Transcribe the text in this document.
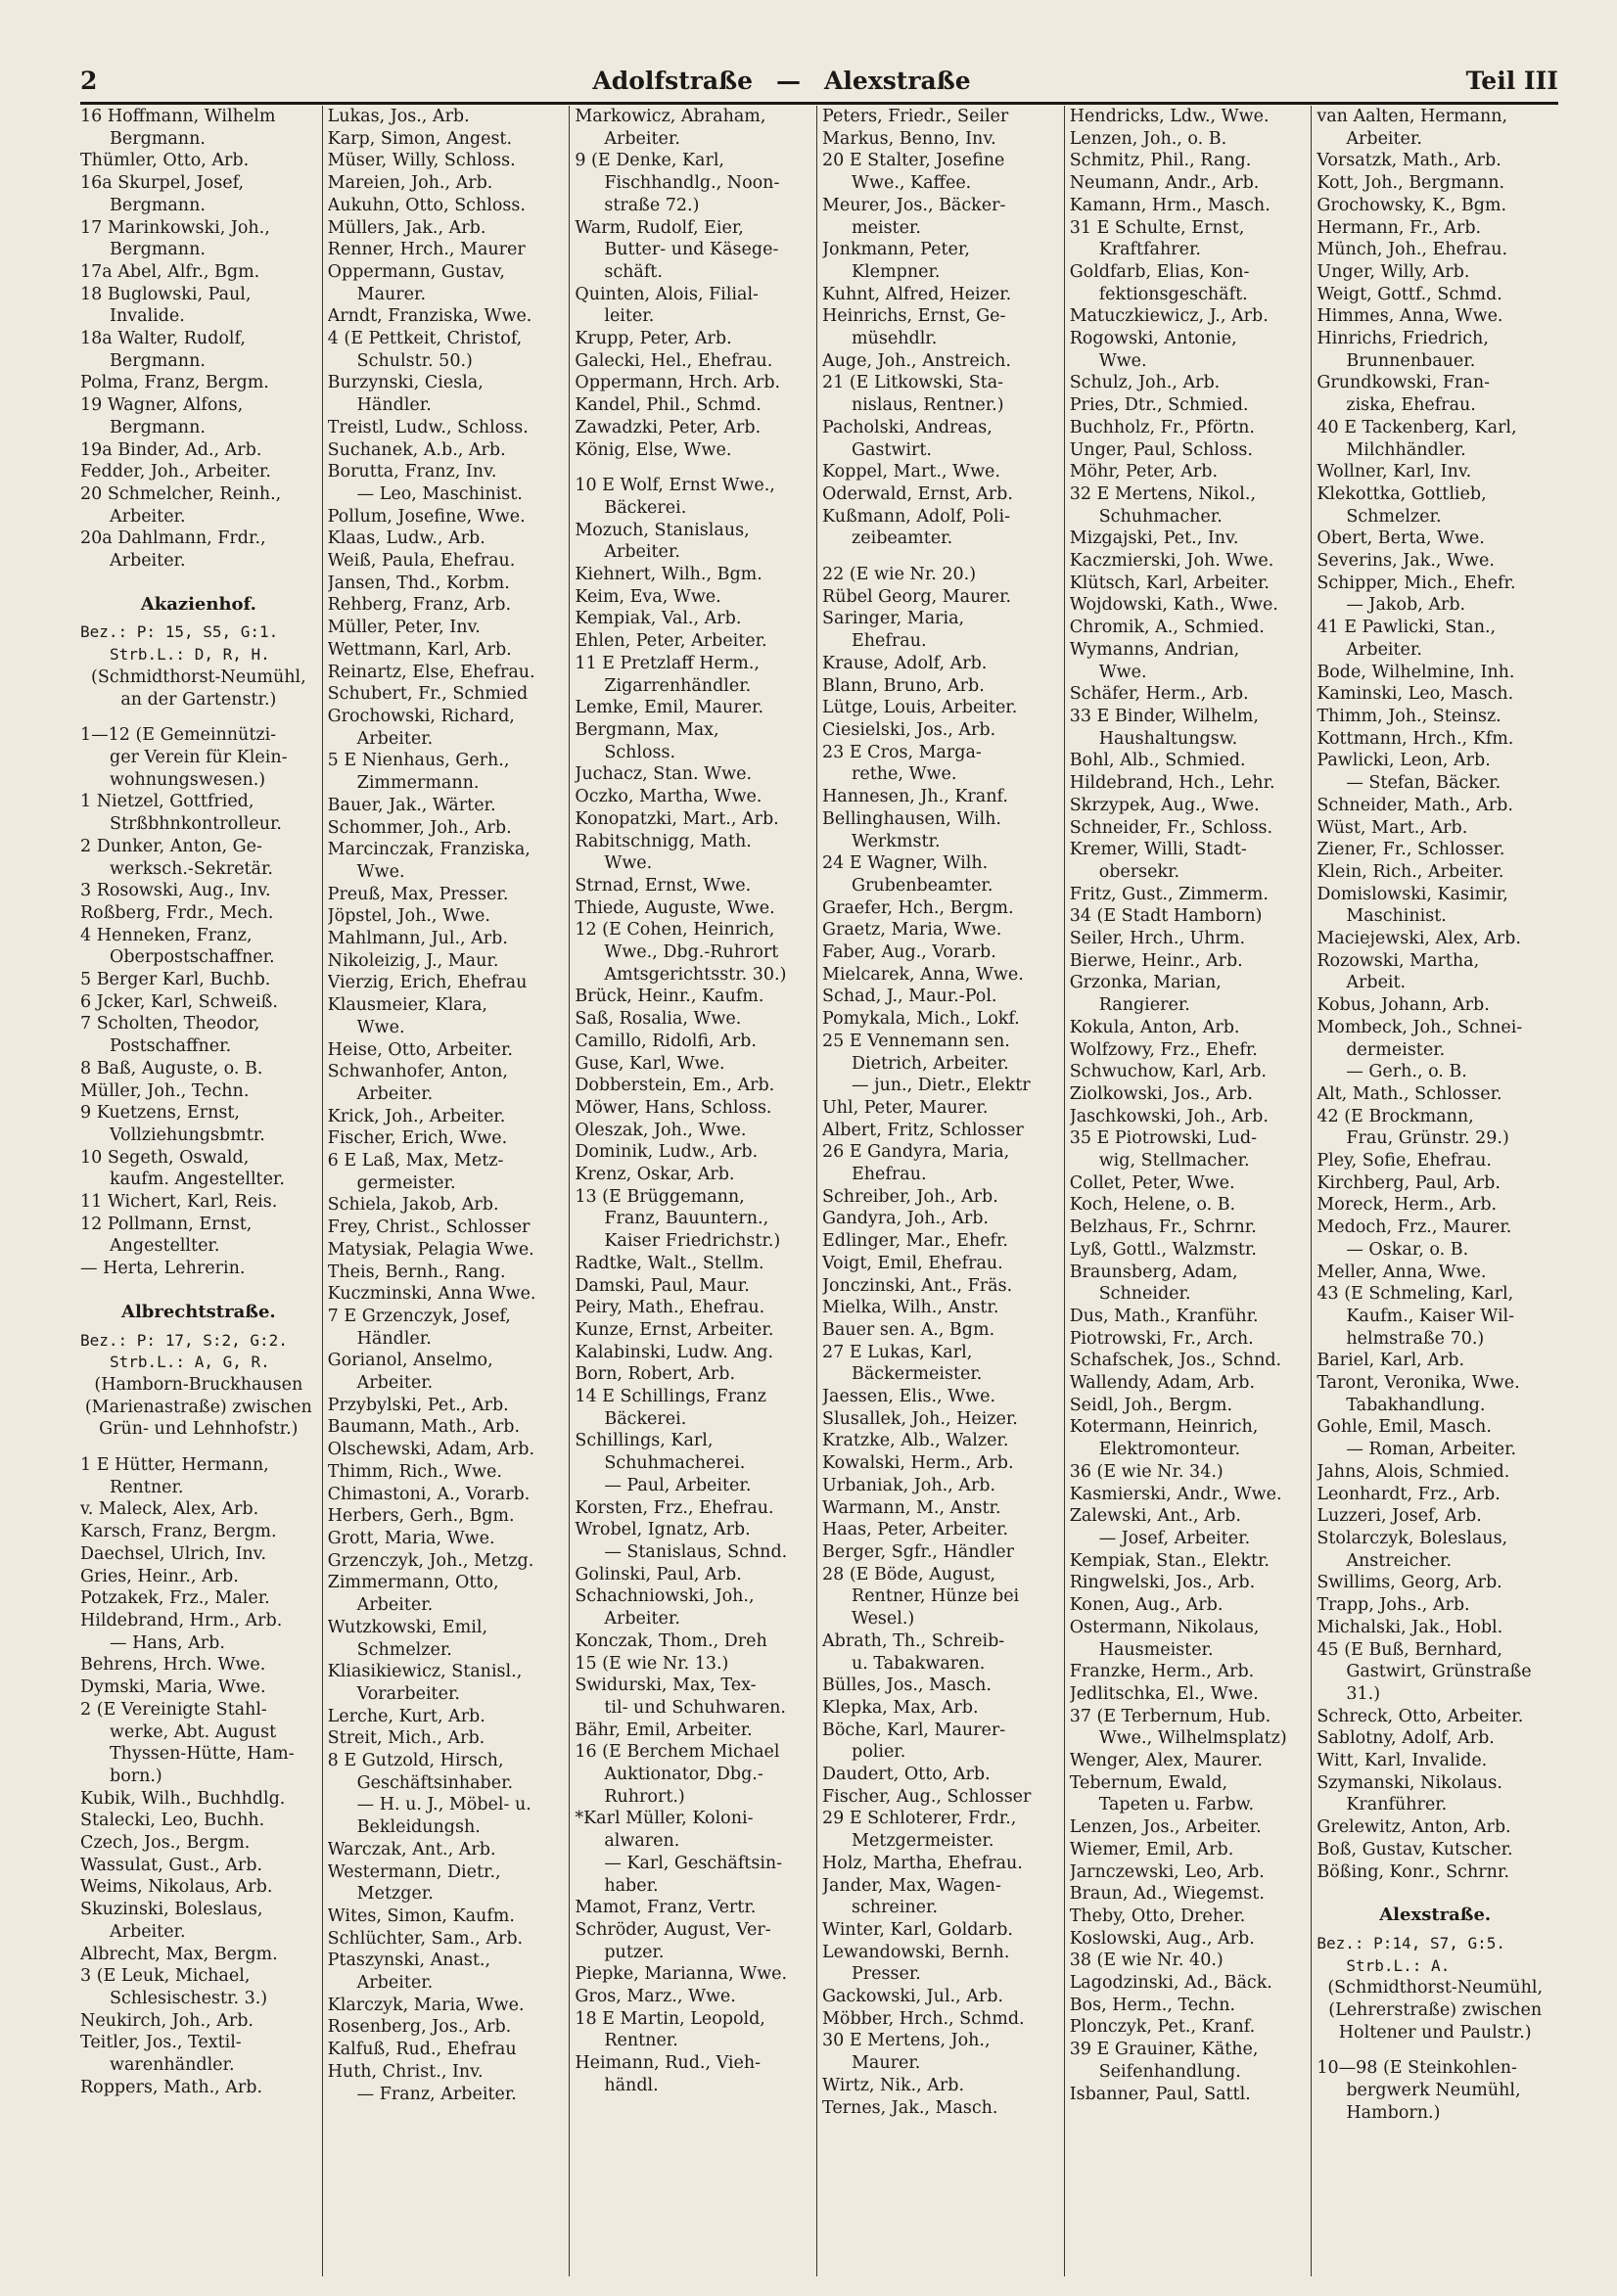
2	Adolfstraße — Alexstraße	Teil III
16 Hoffmann, Wilhelm
Bergmann.
Thümler, Otto, Arb.
16a Skurpel, Josef,
Bergmann.
17 Marinkowski, Joh.,
Bergmann.
17a Abel, Alfr., Bgm.
18 Buglowski, Paul,
Invalide.
18a Walter, Rudolf,
Bergmann.
Polma, Franz, Bergm.
19 Wagner, Alfons,
Bergmann.
19a Binder, Ad., Arb.
Fedder, Joh., Arbeiter.
20 Schmelcher, Reinh.,
Arbeiter.
20a Dahlmann, Frdr.,
Arbeiter.
Akazienhof.
Bez.: P: 15, S5, G:1.
Strb.L.: D, R, H.
(Schmidthorst-Neumühl,
an der Gartenstr.)
1—12 (E Gemeinnützi-
ger Verein für Klein-
wohnungswesen.)
1 Nietzel, Gottfried,
Strßbhnkontrolleur.
2 Dunker, Anton, Ge-
werksch.-Sekretär.
3 Rosowski, Aug., Inv.
Roßberg, Frdr., Mech.
4 Henneken, Franz,
Oberpostschaffner.
5 Berger Karl, Buchb.
6 Jcker, Karl, Schweiß.
7 Scholten, Theodor,
Postschaffner.
8 Baß, Auguste, o. B.
Müller, Joh., Techn.
9 Kuetzens, Ernst,
Vollziehungsbmtr.
10 Segeth, Oswald,
kaufm. Angestellter.
11 Wichert, Karl, Reis.
12 Pollmann, Ernst,
Angestellter.
— Herta, Lehrerin.
Albrechtstraße.
Bez.: P: 17, S:2, G:2.
Strb.L.: A, G, R.
(Hamborn-Bruckhausen
(Marienastraße) zwischen
Grün- und Lehnhofstr.)
1 E Hütter, Hermann,
Rentner.
v. Maleck, Alex, Arb.
Karsch, Franz, Bergm.
Daechsel, Ulrich, Inv.
Gries, Heinr., Arb.
Potzakek, Frz., Maler.
Hildebrand, Hrm., Arb.
— Hans, Arb.
Behrens, Hrch. Wwe.
Dymski, Maria, Wwe.
2 (E Vereinigte Stahl-
werke, Abt. August
Thyssen-Hütte, Ham-
born.)
Kubik, Wilh., Buchhdlg.
Stalecki, Leo, Buchh.
Czech, Jos., Bergm.
Wassulat, Gust., Arb.
Weims, Nikolaus, Arb.
Skuzinski, Boleslaus,
Arbeiter.
Albrecht, Max, Bergm.
3 (E Leuk, Michael,
Schlesischestr. 3.)
Neukirch, Joh., Arb.
Teitler, Jos., Textil-
warenhändler.
Roppers, Math., Arb.
Lukas, Jos., Arb.
Karp, Simon, Angest.
Müser, Willy, Schloss.
Mareien, Joh., Arb.
Aukuhn, Otto, Schloss.
Müllers, Jak., Arb.
Renner, Hrch., Maurer
Oppermann, Gustav,
Maurer.
Arndt, Franziska, Wwe.
4 (E Pettkeit, Christof,
Schulstr. 50.)
Burzynski, Ciesla,
Händler.
Treistl, Ludw., Schloss.
Suchanek, A.b., Arb.
Borutta, Franz, Inv.
— Leo, Maschinist.
Pollum, Josefine, Wwe.
Klaas, Ludw., Arb.
Weiß, Paula, Ehefrau.
Jansen, Thd., Korbm.
Rehberg, Franz, Arb.
Müller, Peter, Inv.
Wettmann, Karl, Arb.
Reinartz, Else, Ehefrau.
Schubert, Fr., Schmied
Grochowski, Richard,
Arbeiter.
5 E Nienhaus, Gerh.,
Zimmermann.
Bauer, Jak., Wärter.
Schommer, Joh., Arb.
Marcinczak, Franziska,
Wwe.
Preuß, Max, Presser.
Jöpstel, Joh., Wwe.
Mahlmann, Jul., Arb.
Nikoleizig, J., Maur.
Vierzig, Erich, Ehefrau
Klausmeier, Klara,
Wwe.
Heise, Otto, Arbeiter.
Schwanhofer, Anton,
Arbeiter.
Krick, Joh., Arbeiter.
Fischer, Erich, Wwe.
6 E Laß, Max, Metz-
germeister.
Schiela, Jakob, Arb.
Frey, Christ., Schlosser
Matysiak, Pelagia Wwe.
Theis, Bernh., Rang.
Kuczminski, Anna Wwe.
7 E Grzenczyk, Josef,
Händler.
Gorianol, Anselmo,
Arbeiter.
Przybylski, Pet., Arb.
Baumann, Math., Arb.
Olschewski, Adam, Arb.
Thimm, Rich., Wwe.
Chimastoni, A., Vorarb.
Herbers, Gerh., Bgm.
Grott, Maria, Wwe.
Grzenczyk, Joh., Metzg.
Zimmermann, Otto,
Arbeiter.
Wutzkowski, Emil,
Schmelzer.
Kliasikiewicz, Stanisl.,
Vorarbeiter.
Lerche, Kurt, Arb.
Streit, Mich., Arb.
8 E Gutzold, Hirsch,
Geschäftsinhaber.
— H. u. J., Möbel- u.
Bekleidungsh.
Warczak, Ant., Arb.
Westermann, Dietr.,
Metzger.
Wites, Simon, Kaufm.
Schlüchter, Sam., Arb.
Ptaszynski, Anast.,
Arbeiter.
Klarczyk, Maria, Wwe.
Rosenberg, Jos., Arb.
Kalfuß, Rud., Ehefrau
Huth, Christ., Inv.
— Franz, Arbeiter.
Markowicz, Abraham,
Arbeiter.
9 (E Denke, Karl,
Fischhandlg., Noon-
straße 72.)
Warm, Rudolf, Eier,
Butter- und Käsege-
schäft.
Quinten, Alois, Filial-
leiter.
Krupp, Peter, Arb.
Galecki, Hel., Ehefrau.
Oppermann, Hrch. Arb.
Kandel, Phil., Schmd.
Zawadzki, Peter, Arb.
König, Else, Wwe.
10 E Wolf, Ernst Wwe.,
Bäckerei.
Mozuch, Stanislaus,
Arbeiter.
Kiehnert, Wilh., Bgm.
Keim, Eva, Wwe.
Kempiak, Val., Arb.
Ehlen, Peter, Arbeiter.
11 E Pretzlaff Herm.,
Zigarrenhändler.
Lemke, Emil, Maurer.
Bergmann, Max,
Schloss.
Juchacz, Stan. Wwe.
Oczko, Martha, Wwe.
Konopatzki, Mart., Arb.
Rabitschnigg, Math.
Wwe.
Strnad, Ernst, Wwe.
Thiede, Auguste, Wwe.
12 (E Cohen, Heinrich,
Wwe., Dbg.-Ruhrort
Amtsgerichtsstr. 30.)
Brück, Heinr., Kaufm.
Saß, Rosalia, Wwe.
Camillo, Ridolfi, Arb.
Guse, Karl, Wwe.
Dobberstein, Em., Arb.
Möwer, Hans, Schloss.
Oleszak, Joh., Wwe.
Dominik, Ludw., Arb.
Krenz, Oskar, Arb.
13 (E Brüggemann,
Franz, Bauuntern.,
Kaiser Friedrichstr.)
Radtke, Walt., Stellm.
Damski, Paul, Maur.
Peiry, Math., Ehefrau.
Kunze, Ernst, Arbeiter.
Kalabinski, Ludw. Ang.
Born, Robert, Arb.
14 E Schillings, Franz
Bäckerei.
Schillings, Karl,
Schuhmacherei.
— Paul, Arbeiter.
Korsten, Frz., Ehefrau.
Wrobel, Ignatz, Arb.
— Stanislaus, Schnd.
Golinski, Paul, Arb.
Schachniowski, Joh.,
Arbeiter.
Konczak, Thom., Dreh
15 (E wie Nr. 13.)
Swidurski, Max, Tex-
til- und Schuhwaren.
Bähr, Emil, Arbeiter.
16 (E Berchem Michael
Auktionator, Dbg.-
Ruhrort.)
*Karl Müller, Koloni-
alwaren.
— Karl, Geschäftsin-
haber.
Mamot, Franz, Vertr.
Schröder, August, Ver-
putzer.
Piepke, Marianna, Wwe.
Gros, Marz., Wwe.
18 E Martin, Leopold,
Rentner.
Heimann, Rud., Vieh-
händl.
Peters, Friedr., Seiler
Markus, Benno, Inv.
20 E Stalter, Josefine
Wwe., Kaffee.
Meurer, Jos., Bäcker-
meister.
Jonkmann, Peter,
Klempner.
Kuhnt, Alfred, Heizer.
Heinrichs, Ernst, Ge-
müsehdlr.
Auge, Joh., Anstreich.
21 (E Litkowski, Sta-
nislaus, Rentner.)
Pacholski, Andreas,
Gastwirt.
Koppel, Mart., Wwe.
Oderwald, Ernst, Arb.
Kußmann, Adolf, Poli-
zeibeamter.
22 (E wie Nr. 20.)
Rübel Georg, Maurer.
Saringer, Maria,
Ehefrau.
Krause, Adolf, Arb.
Blann, Bruno, Arb.
Lütge, Louis, Arbeiter.
Ciesielski, Jos., Arb.
23 E Cros, Marga-
rethe, Wwe.
Hannesen, Jh., Kranf.
Bellinghausen, Wilh.
Werkmstr.
24 E Wagner, Wilh.
Grubenbeamter.
Graefer, Hch., Bergm.
Graetz, Maria, Wwe.
Faber, Aug., Vorarb.
Mielcarek, Anna, Wwe.
Schad, J., Maur.-Pol.
Pomykala, Mich., Lokf.
25 E Vennemann sen.
Dietrich, Arbeiter.
— jun., Dietr., Elektr
Uhl, Peter, Maurer.
Albert, Fritz, Schlosser
26 E Gandyra, Maria,
Ehefrau.
Schreiber, Joh., Arb.
Gandyra, Joh., Arb.
Edlinger, Mar., Ehefr.
Voigt, Emil, Ehefrau.
Jonczinski, Ant., Fräs.
Mielka, Wilh., Anstr.
Bauer sen. A., Bgm.
27 E Lukas, Karl,
Bäckermeister.
Jaessen, Elis., Wwe.
Slusallek, Joh., Heizer.
Kratzke, Alb., Walzer.
Kowalski, Herm., Arb.
Urbaniak, Joh., Arb.
Warmann, M., Anstr.
Haas, Peter, Arbeiter.
Berger, Sgfr., Händler
28 (E Böde, August,
Rentner, Hünze bei
Wesel.)
Abrath, Th., Schreib-
u. Tabakwaren.
Bülles, Jos., Masch.
Klepka, Max, Arb.
Böche, Karl, Maurer-
polier.
Daudert, Otto, Arb.
Fischer, Aug., Schlosser
29 E Schloterer, Frdr.,
Metzgermeister.
Holz, Martha, Ehefrau.
Jander, Max, Wagen-
schreiner.
Winter, Karl, Goldarb.
Lewandowski, Bernh.
Presser.
Gackowski, Jul., Arb.
Möbber, Hrch., Schmd.
30 E Mertens, Joh.,
Maurer.
Wirtz, Nik., Arb.
Ternes, Jak., Masch.
Hendricks, Ldw., Wwe.
Lenzen, Joh., o. B.
Schmitz, Phil., Rang.
Neumann, Andr., Arb.
Kamann, Hrm., Masch.
31 E Schulte, Ernst,
Kraftfahrer.
Goldfarb, Elias, Kon-
fektionsgeschäft.
Matuczkiewicz, J., Arb.
Rogowski, Antonie,
Wwe.
Schulz, Joh., Arb.
Pries, Dtr., Schmied.
Buchholz, Fr., Pförtn.
Unger, Paul, Schloss.
Möhr, Peter, Arb.
32 E Mertens, Nikol.,
Schuhmacher.
Mizgajski, Pet., Inv.
Kaczmierski, Joh. Wwe.
Klütsch, Karl, Arbeiter.
Wojdowski, Kath., Wwe.
Chromik, A., Schmied.
Wymanns, Andrian,
Wwe.
Schäfer, Herm., Arb.
33 E Binder, Wilhelm,
Haushaltungsw.
Bohl, Alb., Schmied.
Hildebrand, Hch., Lehr.
Skrzypek, Aug., Wwe.
Schneider, Fr., Schloss.
Kremer, Willi, Stadt-
obersekr.
Fritz, Gust., Zimmerm.
34 (E Stadt Hamborn)
Seiler, Hrch., Uhrm.
Bierwe, Heinr., Arb.
Grzonka, Marian,
Rangierer.
Kokula, Anton, Arb.
Wolfzowy, Frz., Ehefr.
Schwuchow, Karl, Arb.
Ziolkowski, Jos., Arb.
Jaschkowski, Joh., Arb.
35 E Piotrowski, Lud-
wig, Stellmacher.
Collet, Peter, Wwe.
Koch, Helene, o. B.
Belzhaus, Fr., Schrnr.
Lyß, Gottl., Walzmstr.
Braunsberg, Adam,
Schneider.
Dus, Math., Kranführ.
Piotrowski, Fr., Arch.
Schafschek, Jos., Schnd.
Wallendy, Adam, Arb.
Seidl, Joh., Bergm.
Kotermann, Heinrich,
Elektromonteur.
36 (E wie Nr. 34.)
Kasmierski, Andr., Wwe.
Zalewski, Ant., Arb.
— Josef, Arbeiter.
Kempiak, Stan., Elektr.
Ringwelski, Jos., Arb.
Konen, Aug., Arb.
Ostermann, Nikolaus,
Hausmeister.
Franzke, Herm., Arb.
Jedlitschka, El., Wwe.
37 (E Terbernum, Hub.
Wwe., Wilhelmsplatz)
Wenger, Alex, Maurer.
Tebernum, Ewald,
Tapeten u. Farbw.
Lenzen, Jos., Arbeiter.
Wiemer, Emil, Arb.
Jarnczewski, Leo, Arb.
Braun, Ad., Wiegemst.
Theby, Otto, Dreher.
Koslowski, Aug., Arb.
38 (E wie Nr. 40.)
Lagodzinski, Ad., Bäck.
Bos, Herm., Techn.
Plonczyk, Pet., Kranf.
39 E Grauiner, Käthe,
Seifenhandlung.
Isbanner, Paul, Sattl.
van Aalten, Hermann,
Arbeiter.
Vorsatzk, Math., Arb.
Kott, Joh., Bergmann.
Grochowsky, K., Bgm.
Hermann, Fr., Arb.
Münch, Joh., Ehefrau.
Unger, Willy, Arb.
Weigt, Gottf., Schmd.
Himmes, Anna, Wwe.
Hinrichs, Friedrich,
Brunnenbauer.
Grundkowski, Fran-
ziska, Ehefrau.
40 E Tackenberg, Karl,
Milchhändler.
Wollner, Karl, Inv.
Klekottka, Gottlieb,
Schmelzer.
Obert, Berta, Wwe.
Severins, Jak., Wwe.
Schipper, Mich., Ehefr.
— Jakob, Arb.
41 E Pawlicki, Stan.,
Arbeiter.
Bode, Wilhelmine, Inh.
Kaminski, Leo, Masch.
Thimm, Joh., Steinsz.
Kottmann, Hrch., Kfm.
Pawlicki, Leon, Arb.
— Stefan, Bäcker.
Schneider, Math., Arb.
Wüst, Mart., Arb.
Ziener, Fr., Schlosser.
Klein, Rich., Arbeiter.
Domislowski, Kasimir,
Maschinist.
Maciejewski, Alex, Arb.
Rozowski, Martha,
Arbeit.
Kobus, Johann, Arb.
Mombeck, Joh., Schnei-
dermeister.
— Gerh., o. B.
Alt, Math., Schlosser.
42 (E Brockmann,
Frau, Grünstr. 29.)
Pley, Sofie, Ehefrau.
Kirchberg, Paul, Arb.
Moreck, Herm., Arb.
Medoch, Frz., Maurer.
— Oskar, o. B.
Meller, Anna, Wwe.
43 (E Schmeling, Karl,
Kaufm., Kaiser Wil-
helmstraße 70.)
Bariel, Karl, Arb.
Taront, Veronika, Wwe.
Tabakhandlung.
Gohle, Emil, Masch.
— Roman, Arbeiter.
Jahns, Alois, Schmied.
Leonhardt, Frz., Arb.
Luzzeri, Josef, Arb.
Stolarczyk, Boleslaus,
Anstreicher.
Swillims, Georg, Arb.
Trapp, Johs., Arb.
Michalski, Jak., Hobl.
45 (E Buß, Bernhard,
Gastwirt, Grünstraße
31.)
Schreck, Otto, Arbeiter.
Sablotny, Adolf, Arb.
Witt, Karl, Invalide.
Szymanski, Nikolaus.
Kranführer.
Grelewitz, Anton, Arb.
Boß, Gustav, Kutscher.
Bößing, Konr., Schrnr.
Alexstraße.
Bez.: P:14, S7, G:5.
Strb.L.: A.
(Schmidthorst-Neumühl,
(Lehrerstraße) zwischen
Holtener und Paulstr.)
10—98 (E Steinkohlen-
bergwerk Neumühl,
Hamborn.)
